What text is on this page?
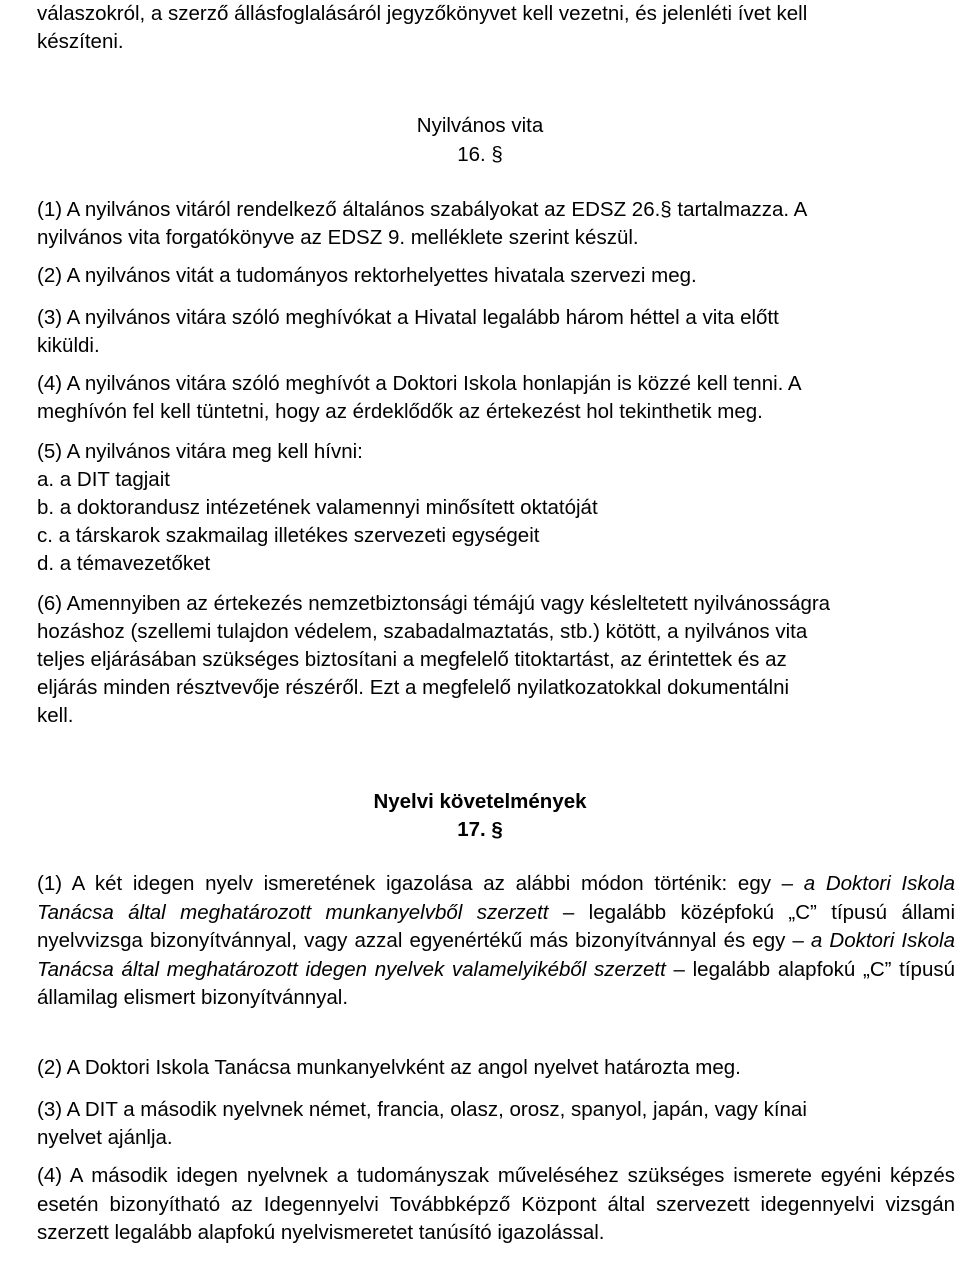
válaszokról, a szerző állásfoglalásáról jegyzőkönyvet kell vezetni, és jelenléti ívet kell

készíteni.

Nyilvános vita

16. §

(1) A nyilvános vitáról rendelkező általános szabályokat az EDSZ 26.§ tartalmazza. A

nyilvános vita forgatókönyve az EDSZ 9. melléklete szerint készül.

(2) A nyilvános vitát a tudományos rektorhelyettes hivatala szervezi meg.

(3) A nyilvános vitára szóló meghívókat a Hivatal legalább három héttel a vita előtt

kiküldi.

(4) A nyilvános vitára szóló meghívót a Doktori Iskola honlapján is közzé kell tenni. A

meghívón fel kell tüntetni, hogy az érdeklődők az értekezést hol tekinthetik meg.

(5) A nyilvános vitára meg kell hívni:

a. a DIT tagjait

b. a doktorandusz intézetének valamennyi minősített oktatóját

c. a társkarok szakmailag illetékes szervezeti egységeit

d. a témavezetőket

(6) Amennyiben az értekezés nemzetbiztonsági témájú vagy késleltetett nyilvánosságra

hozáshoz (szellemi tulajdon védelem, szabadalmaztatás, stb.) kötött, a nyilvános vita

teljes eljárásában szükséges biztosítani a megfelelő titoktartást, az érintettek és az

eljárás minden résztvevője részéről. Ezt a megfelelő nyilatkozatokkal dokumentálni

kell.

Nyelvi követelmények

17. §

(1) A két idegen nyelv ismeretének igazolása az alábbi módon történik: egy – a Doktori Iskola Tanácsa által meghatározott munkanyelvből szerzett – legalább középfokú „C” típusú állami nyelvvizsga bizonyítvánnyal, vagy azzal egyenértékű más bizonyítvánnyal és egy – a Doktori Iskola Tanácsa által meghatározott idegen nyelvek valamelyikéből szerzett – legalább alapfokú „C” típusú államilag elismert bizonyítvánnyal.

(2) A Doktori Iskola Tanácsa munkanyelvként az angol nyelvet határozta meg.

(3) A DIT a második nyelvnek német, francia, olasz, orosz, spanyol, japán, vagy kínai

nyelvet ajánlja.

(4) A második idegen nyelvnek a tudományszak műveléséhez szükséges ismerete egyéni képzés esetén bizonyítható az Idegennyelvi Továbbképző Központ által szervezett idegennyelvi vizsgán szerzett legalább alapfokú nyelvismeretet tanúsító igazolással.
